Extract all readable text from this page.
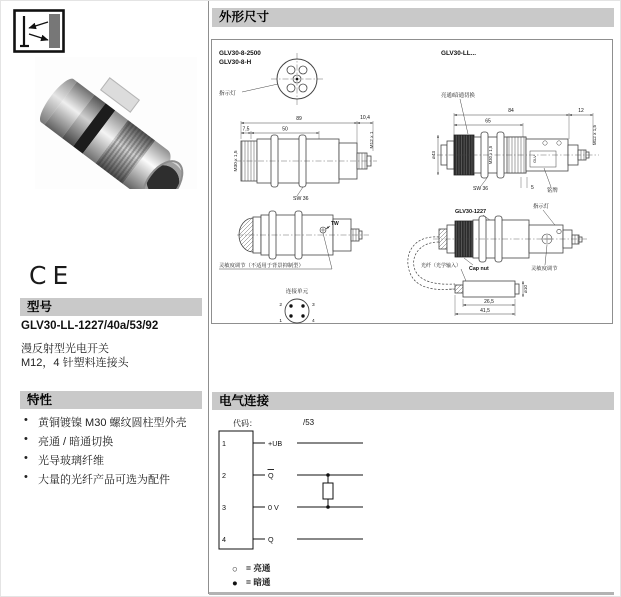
CE
型号
GLV30-LL-1227/40a/53/92
漫反射型光电开关
M12，4 针塑料连接头
特性
• 黄铜镀镍 M30 螺纹圆柱型外壳
• 亮通 / 暗通切换
• 光导玻璃纤维
• 大量的光纤产品可选为配件
外形尺寸
GLV30-8-2500
GLV30-8-H
指示灯
89	10,4
7,5	50
M30 x 1,5
M12 x 1
SW 36
TW
灵敏度调节（不适用于背景抑制型）
连接单元
2	3
1	4
GLV30-LL...
亮通/暗通切换
84	12
65
M30 x 1,5	GLV
M12 x 1,5
ø43
SW 36	5 铭牌
GLV30-1227
指示灯
Cap nut	灵敏度调节
光纤（光学输入）
ø10
26,5
41,5
电气连接
代码：	/53
1	+UB
2	Q
3	0 V
4	Q
○ = 亮通
● = 暗通
